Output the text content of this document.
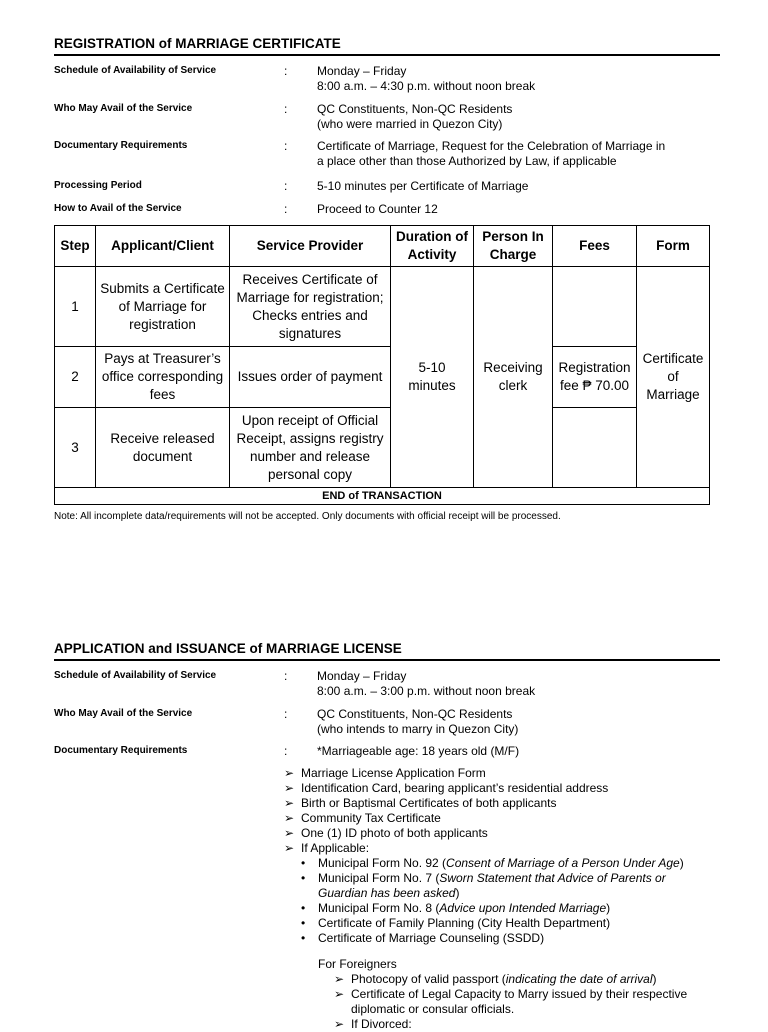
REGISTRATION of MARRIAGE CERTIFICATE
Schedule of Availability of Service	: Monday – Friday
8:00 a.m. – 4:30 p.m. without noon break
Who May Avail of the Service	: QC Constituents, Non-QC Residents
(who were married in Quezon City)
Documentary Requirements	: Certificate of Marriage, Request for the Celebration of Marriage in
a place other than those Authorized by Law, if applicable
Processing Period	: 5-10 minutes per Certificate of Marriage
How to Avail of the Service	: Proceed to Counter 12
Step	Applicant/Client	Service Provider	Duration of Activity	Person In Charge	Fees	Form
1	Submits a Certificate of Marriage for registration	Receives Certificate of Marriage for registration; Checks entries and signatures	5-10 minutes	Receiving clerk		Certificate of Marriage
2	Pays at Treasurer’s office corresponding fees	Issues order of payment			Registration fee ₱ 70.00	
3	Receive released document	Upon receipt of Official Receipt, assigns registry number and release personal copy				
END of TRANSACTION						
Note: All incomplete data/requirements will not be accepted. Only documents with official receipt will be processed.
APPLICATION and ISSUANCE of MARRIAGE LICENSE
Schedule of Availability of Service	: Monday – Friday
8:00 a.m. – 3:00 p.m. without noon break
Who May Avail of the Service	: QC Constituents, Non-QC Residents
(who intends to marry in Quezon City)
Documentary Requirements	: *Marriageable age: 18 years old (M/F)
➢ Marriage License Application Form
➢ Identification Card, bearing applicant’s residential address
➢ Birth or Baptismal Certificates of both applicants
➢ Community Tax Certificate
➢ One (1) ID photo of both applicants
➢ If Applicable:
• Municipal Form No. 92 (Consent of Marriage of a Person Under Age)
• Municipal Form No. 7 (Sworn Statement that Advice of Parents or
Guardian has been asked)
• Municipal Form No. 8 (Advice upon Intended Marriage)
• Certificate of Family Planning (City Health Department)
• Certificate of Marriage Counseling (SSDD)
For Foreigners
➢ Photocopy of valid passport (indicating the date of arrival)
➢ Certificate of Legal Capacity to Marry issued by their respective
diplomatic or consular officials.
➢ If Divorced:
